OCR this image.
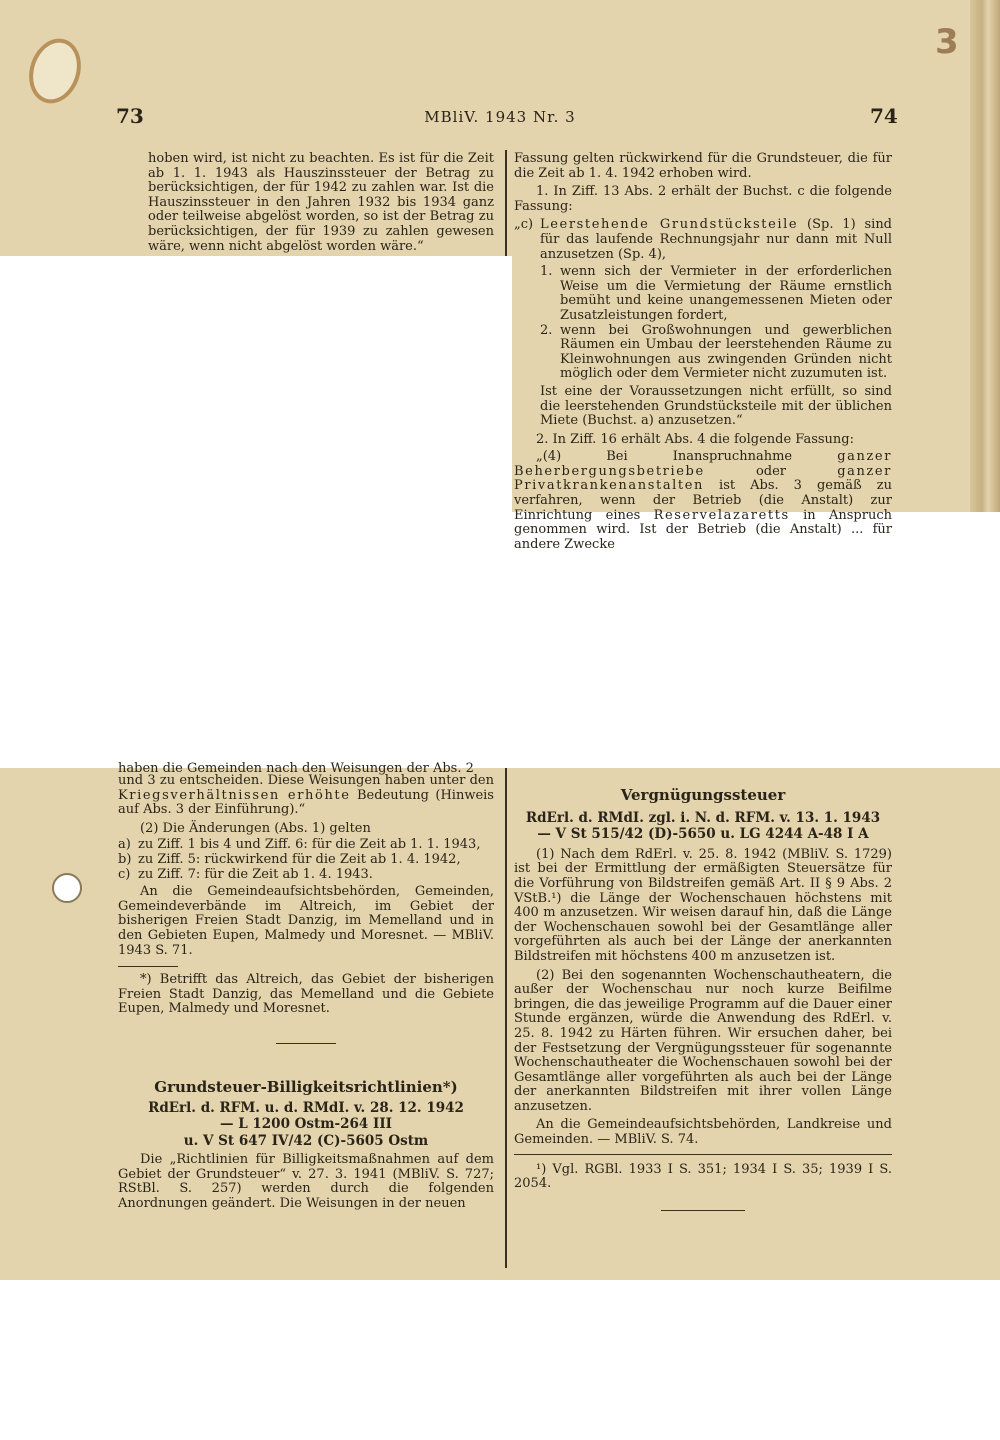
3
73	MBliV. 1943 Nr. 3	74

hoben wird, ist nicht zu beachten. Es ist für die Zeit ab 1. 1. 1943 als Hauszinssteuer der Betrag zu berücksichtigen, der für 1942 zu zahlen war. Ist die Hauszinssteuer in den Jahren 1932 bis 1934 ganz oder teilweise abgelöst worden, so ist der Betrag zu berücksichtigen, der für 1939 zu zahlen gewesen wäre, wenn nicht abgelöst worden wäre.“

Fassung gelten rückwirkend für die Grundsteuer, die für die Zeit ab 1. 4. 1942 erhoben wird.

1. In Ziff. 13 Abs. 2 erhält der Buchst. c die folgende Fassung:

„c) Leerstehende Grundstücksteile (Sp. 1) sind für das laufende Rechnungsjahr nur dann mit Null anzusetzen (Sp. 4),
1. wenn sich der Vermieter in der erforderlichen Weise um die Vermietung der Räume ernstlich bemüht und keine unangemessenen Mieten oder Zusatzleistungen fordert,
2. wenn bei Großwohnungen und gewerblichen Räumen ein Umbau der leerstehenden Räume zu Kleinwohnungen aus zwingenden Gründen nicht möglich oder dem Vermieter nicht zuzumuten ist.

Ist eine der Voraussetzungen nicht erfüllt, so sind die leerstehenden Grundstücksteile mit der üblichen Miete (Buchst. a) anzusetzen.“

2. In Ziff. 16 erhält Abs. 4 die folgende Fassung:

„(4) Bei Inanspruchnahme	ganzer Beherbergungsbetriebe	oder	ganzer Privatkrankenanstalten ist Abs. 3 gemäß zu verfahren, wenn der Betrieb (die Anstalt) zur Einrichtung eines Reservelazaretts in Anspruch genommen wird. Ist der Betrieb (die Anstalt) ... für andere Zwecke

haben die Gemeinden nach den Weisungen der Abs. 2

und 3 zu entscheiden. Diese Weisungen haben unter den Kriegsverhältnissen erhöhte Bedeutung (Hinweis auf Abs. 3 der Einführung).“

(2) Die Änderungen (Abs. 1) gelten

a) zu Ziff. 1 bis 4 und Ziff. 6: für die Zeit ab 1. 1. 1943,
b) zu Ziff. 5: rückwirkend für die Zeit ab 1. 4. 1942,
c) zu Ziff. 7: für die Zeit ab 1. 4. 1943.

An die Gemeindeaufsichtsbehörden, Gemeinden, Gemeindeverbände im Altreich, im Gebiet der bisherigen Freien Stadt Danzig, im Memelland und in den Gebieten Eupen, Malmedy und Moresnet. — MBliV. 1943 S. 71.

*) Betrifft das Altreich, das Gebiet der bisherigen Freien Stadt Danzig, das Memelland und die Gebiete Eupen, Malmedy und Moresnet.

Grundsteuer-Billigkeitsrichtlinien*)

RdErl. d. RFM. u. d. RMdI. v. 28. 12. 1942

— L 1200 Ostm-264 III

u. V St 647 IV/42 (C)-5605 Ostm

Die „Richtlinien für Billigkeitsmaßnahmen auf dem Gebiet der Grundsteuer“ v. 27. 3. 1941 (MBliV. S. 727; RStBl. S. 257) werden durch die folgenden Anordnungen geändert. Die Weisungen in der neuen

Vergnügungssteuer

RdErl. d. RMdI. zgl. i. N. d. RFM. v. 13. 1. 1943

— V St 515/42 (D)-5650 u. LG 4244 A-48 I A

(1) Nach dem RdErl. v. 25. 8. 1942 (MBliV. S. 1729) ist bei der Ermittlung der ermäßigten Steuersätze für die Vorführung von Bildstreifen gemäß Art. II § 9 Abs. 2 VStB.¹) die Länge der Wochenschauen höchstens mit 400 m anzusetzen. Wir weisen darauf hin, daß die Länge der Wochenschauen sowohl bei der Gesamtlänge aller vorgeführten als auch bei der Länge der anerkannten Bildstreifen mit höchstens 400 m anzusetzen ist.

(2) Bei den sogenannten Wochenschautheatern, die außer der Wochenschau nur noch kurze Beifilme bringen, die das jeweilige Programm auf die Dauer einer Stunde ergänzen, würde die Anwendung des RdErl. v. 25. 8. 1942 zu Härten führen. Wir ersuchen daher, bei der Festsetzung der Vergnügungssteuer für sogenannte Wochenschautheater die Wochenschauen sowohl bei der Gesamtlänge aller vorgeführten als auch bei der Länge der anerkannten Bildstreifen mit ihrer vollen Länge anzusetzen.

An die Gemeindeaufsichtsbehörden, Landkreise und Gemeinden. — MBliV. S. 74.

¹) Vgl. RGBl. 1933 I S. 351; 1934 I S. 35; 1939 I S. 2054.
